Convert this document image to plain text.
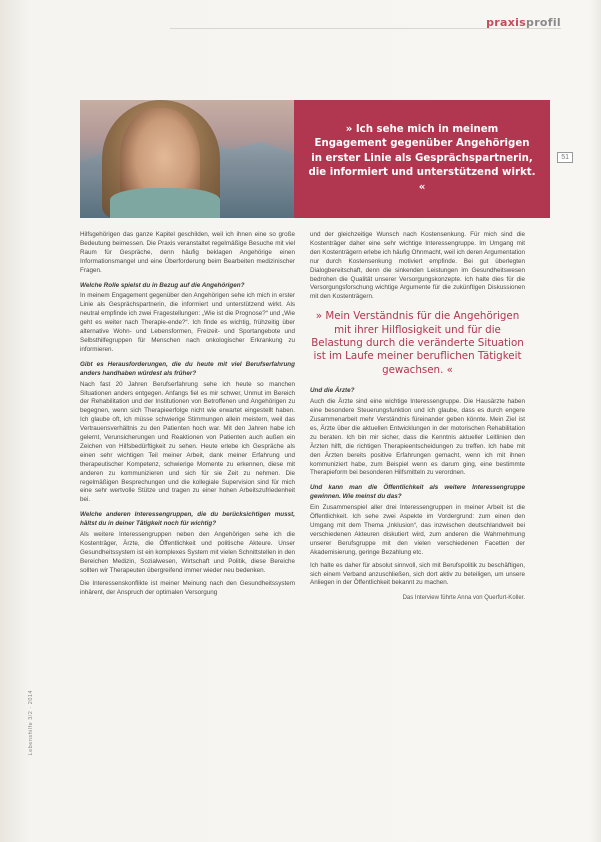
praxisprofil

» Ich sehe mich in meinem Engagement gegenüber Angehörigen in erster Linie als Gesprächspartnerin, die informiert und unterstützend wirkt. «

51
Lebenshilfe 3/2 · 2014

Hilfsgehörigen das ganze Kapitel geschilden, weil ich ihnen eine so große Bedeutung beimessen. Die Praxis veranstaltet regelmäßige Besuche mit viel Raum für Gespräche, denn häufig beklagen Angehörige einen Informationsmangel und eine Überforderung beim Bearbeiten medizinischer Fragen.

Welche Rolle spielst du in Bezug auf die Angehörigen?

In meinem Engagement gegenüber den Angehörigen sehe ich mich in erster Linie als Gesprächspartnerin, die informiert und unterstützend wirkt. Als neutral empfinde ich zwei Fragestellungen: „Wie ist die Prognose?“ und „Wie geht es weiter nach Therapie-ende?“. Ich finde es wichtig, frühzeitig über alternative Wohn- und Lebensformen, Freizeit- und Sportangebote und Selbsthilfegruppen für Menschen nach onkologischer Erkrankung zu informieren.

Gibt es Herausforderungen, die du heute mit viel Berufserfahrung anders handhaben würdest als früher?

Nach fast 20 Jahren Berufserfahrung sehe ich heute so manchen Situationen anders entgegen. Anfangs fiel es mir schwer, Unmut im Bereich der Rehabilitation und der Institutionen von Betroffenen und Angehörigen zu begegnen, wenn sich Therapieerfolge nicht wie erwartet eingestellt haben. Ich glaube oft, ich müsse schwierige Stimmungen allein meistern, weil das Vertrauensverhältnis zu den Patienten hoch war. Mit den Jahren habe ich gelernt, Verunsicherungen und Reaktionen von Patienten auch außen ein Zeichen von Hilfsbedürftigkeit zu sehen. Heute erlebe ich Gespräche als einen sehr wichtigen Teil meiner Arbeit, dank meiner Erfahrung und therapeutischer Kompetenz, schwierige Momente zu erkennen, diese mit anderen zu kommunizieren und sich für sie Zeit zu nehmen. Die regelmäßigen Besprechungen und die kollegiale Supervision sind für mich eine sehr wertvolle Stütze und tragen zu einer hohen Arbeitszufriedenheit bei.

Welche anderen Interessengruppen, die du berücksichtigen musst, hältst du in deiner Tätigkeit noch für wichtig?

Als weitere Interessengruppen neben den Angehörigen sehe ich die Kostenträger, Ärzte, die Öffentlichkeit und politische Akteure. Unser Gesundheitssystem ist ein komplexes System mit vielen Schnittstellen in den Bereichen Medizin, Sozialwesen, Wirtschaft und Politik, diese Bereiche sollten wir Therapeuten übergreifend immer wieder neu bedenken.

Die Interessenskonflikte ist meiner Meinung nach den Gesundheitssystem inhärent, der Anspruch der optimalen Versorgung

und der gleichzeitige Wunsch nach Kostensenkung. Für mich sind die Kostenträger daher eine sehr wichtige Interessengruppe. Im Umgang mit den Kostenträgern erlebe ich häufig Ohnmacht, weil ich deren Argumentation nur durch Kostensenkung motiviert empfinde. Bei gut überlegten Dialogbereitschaft, denn die sinkenden Leistungen im Gesundheitswesen bedrohen die Qualität unserer Versorgungskonzepte. Ich halte dies für die Versorgungsforschung wichtige Argumente für die zukünftigen Diskussionen mit den Kostenträgern.

» Mein Verständnis für die Angehörigen mit ihrer Hilflosigkeit und für die Belastung durch die veränderte Situation ist im Laufe meiner beruflichen Tätigkeit gewachsen. «

Und die Ärzte?

Auch die Ärzte sind eine wichtige Interessengruppe. Die Hausärzte haben eine besondere Steuerungsfunktion und ich glaube, dass es durch engere Zusammenarbeit mehr Verständnis füreinander geben könnte. Mein Ziel ist es, Ärzte über die aktuellen Entwicklungen in der motorischen Rehabilitation zu beraten. Ich bin mir sicher, dass die Kenntnis aktueller Leitlinien den Ärzten hilft, die richtigen Therapieentscheidungen zu treffen. Ich habe mit den Ärzten bereits positive Erfahrungen gemacht, wenn ich mit ihnen kommuniziert habe, zum Beispiel wenn es darum ging, eine bestimmte Therapieform bei besonderen Hilfsmitteln zu verordnen.

Und kann man die Öffentlichkeit als weitere Interessengruppe gewinnen. Wie meinst du das?

Ein Zusammenspiel aller drei Interessengruppen in meiner Arbeit ist die Öffentlichkeit. Ich sehe zwei Aspekte im Vordergrund: zum einen den Umgang mit dem Thema „Inklusion“, das inzwischen deutschlandweit bei verschiedenen Akteuren diskutiert wird, zum anderen die Wahrnehmung unserer Berufsgruppe mit den vielen verschiedenen Facetten der Akademisierung, geringe Bezahlung etc.

Ich halte es daher für absolut sinnvoll, sich mit Berufspolitik zu beschäftigen, sich einem Verband anzuschließen, sich dort aktiv zu beteiligen, um unsere Anliegen in der Öffentlichkeit bekannt zu machen.

Das Interview führte Anna von Querfurt-Koller.
